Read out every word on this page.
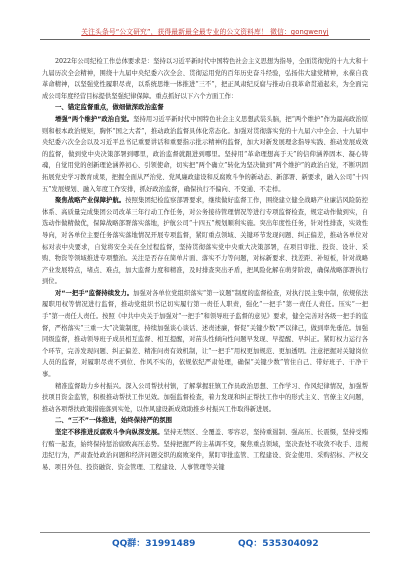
关注头条号“公文研究”，获得最新最全最专业的公文资料库！ 微信：gongwenyj

2022年公司纪检工作总体要求是：坚持以习近平新时代中国特色社会主义思想为指导，全面贯彻党的十九大和十九届历次全会精神，围绕十九届中央纪委六次全会、贯彻运用党的百年历史奋斗经验，弘扬伟大建党精神，永葆自我革命精神，以坚强党性履职尽责，以系统思维一体推进“三不”，把正风肃纪反腐与推动自我革命贯通起来，为全面完成公司年度经营目标提供坚强纪律保障。重点抓好以下六个方面工作：

一、锚定监督重点，做细做深政治监督

增强“两个维护”政治自觉。坚持用习近平新时代中国特色社会主义思想武装头脑，把“两个维护”作为最高政治原则和根本政治规矩，胸怀“国之大者”，推动政治监督具体化常态化。加强对贯彻落实党的十九届六中全会、十九届中央纪委六次全会以及习近平总书记重要讲话和重要指示批示精神的监督，加大对新发展理念指导实践、推动发展成效的监督，做到党中央决策部署到哪里，政治监督就跟进到哪里。坚持用“革命理想高于天”的信仰涵养固本、凝心铸魂，自觉用党的创新理论涵养初心、引领使命，切实把“两个确立”转化为坚决做到“两个维护”的政治自觉，不断巩固拓展党史学习教育成果，把握全面从严治党、党风廉政建设和反腐败斗争的新动态、新部署、新要求，融入公司“十四五”发展规划、融入年度工作安排，抓好政治监督，确保执行不偏向、不变通、不走样。

聚焦战略产业保障护航。按照集团纪检监察部署要求，继续做好监督工作，围绕建立健全战略产业廉洁风险防控体系、高质量完成集团公司改革三年行动工作任务，对公务接待管理情况等进行专项监督检查，规定动作做到实，自选动作做精做优，保障战略部署落实落地，护航公司“十四五”规划顺利实施。突出年度性任务，针对性排查，实效性导向，对各单位主要任务落实落地情况开展专项监督，紧盯重点领域、关键环节发现问题、纠正偏差，推动各单位对标对表中央要求，自觉将安全关在全过程监督，坚持贯彻落实党中央重大决策部署，在项目审批、投资、设计、采购、物资等领域推进专项整治。关注是否存在简单片面、落实不力等问题，对标新要求、找差距、补短板，针对战略产业发展特点，堵点、难点，加大监督力度和精准，及时排查突出矛盾，把风险化解在萌芽阶段，确保战略部署执行到位。

对“一把手”监督持续发力。加强对各单位党组织落实“第一议题”制度的监督检查，对执行民主集中制，依规依法履职用权等情况进行监督，推动党组织书记切实履行第一责任人职责，强化“一把手”第一责任人责任。压实“一把手”第一责任人责任。按照《中共中央关于加强对“一把手”和领导班子监督的意见》要求，健全完善对各级一把手的监督，严格落实“三重一大”决策制度，持续加强谈心谈话、述责述廉，督促“关键少数”严以律己，做到率先垂范。加强同级监督，推动领导班子成员相互监督、相互提醒，对苗头性倾向性问题早发现、早提醒、早纠正。紧盯权力运行各个环节，完善发现问题、纠正偏差、精准问责有效机制，让“一把手”用权更加规范、更加透明。注意把握对关键岗位人员的监督，对履职尽责不到位、作风不实的，依规依纪严肃处理，确保“关键少数”管住自己、带好班子、干净干事。

精准监督助力乡村振兴。深入公司帮扶村镇，了解掌握驻镇工作员政治思想、工作学习、作风纪律情况，加强帮扶项目资金监管，积极推动帮扶工作见效。加强监督检查，着力发现和纠正帮扶工作中的形式主义、官僚主义问题，推动各项帮扶政策措施落到实处，以作风建设新成效助推乡村振兴工作取得新进展。

二、“三不”一体推进，始终保持严的氛围

坚定不移推进反腐败斗争向纵深发展。坚持无禁区、全覆盖、零容忍，坚持重遏制、强高压、长震慑，坚持受贿行贿一起查，始终保持惩治腐败高压态势。坚持把握严的主基调不变，聚焦重点领域，坚决查处不收敛不收手、违规违纪行为，严肃查处政治问题和经济问题交织的腐败案件，紧盯审批监管、工程建设、资金使用、采购招标、产权交易、项目外包、投资融资、资金管理、工程建设、人事管理等关键

QQ群：31991489	QQ：535304092
